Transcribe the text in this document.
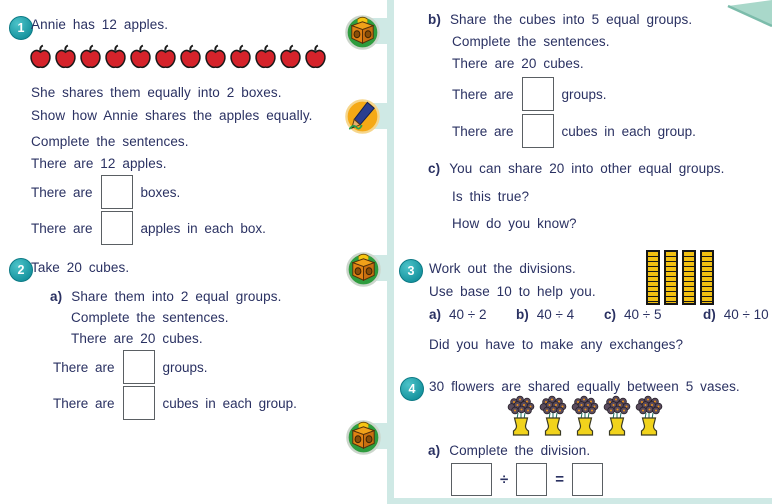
1 Annie has 12 apples.
She shares them equally into 2 boxes.
Show how Annie shares the apples equally.
Complete the sentences.
There are 12 apples.
There are	boxes.
There are	apples in each box.
2 Take 20 cubes.
a) Share them into 2 equal groups.
Complete the sentences.
There are 20 cubes.
There are	groups.
There are	cubes in each group.
b) Share the cubes into 5 equal groups.
Complete the sentences.
There are 20 cubes.
There are	groups.
There are	cubes in each group.
c) You can share 20 into other equal groups.
Is this true?
How do you know?
3	Work out the divisions.
Use base 10 to help you.
a) 40 ÷ 2 b) 40 ÷ 4 c) 40 ÷ 5	d) 40 ÷ 10
Did you have to make any exchanges?
4	30 flowers are shared equally between 5 vases.
a) Complete the division.
÷	=
